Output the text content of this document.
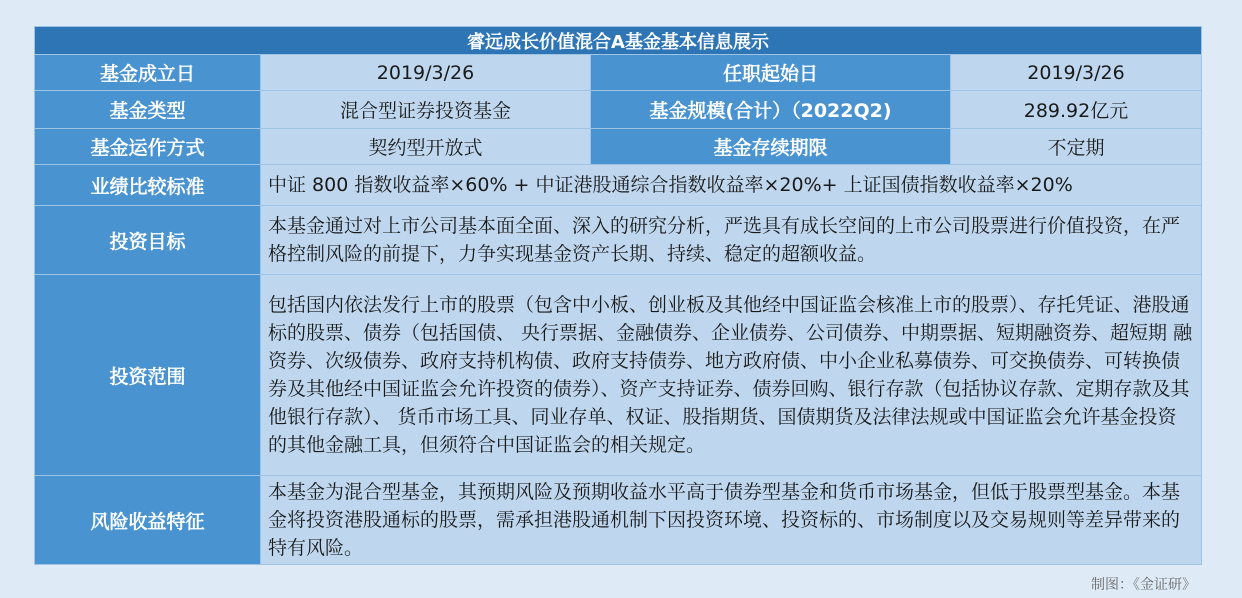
睿远成长价值混合A基金基本信息展示			
基金成立日	2019/3/26	任职起始日	2019/3/26
基金类型	混合型证券投资基金	基金规模(合计）（2022Q2)	289.92亿元
基金运作方式	契约型开放式	基金存续期限	不定期
业绩比较标准	中证 800 指数收益率×60% + 中证港股通综合指数收益率×20%+ 上证国债指数收益率×20%		
投资目标	本基金通过对上市公司基本面全面、深入的研究分析，严选具有成长空间的上市公司股票进行价值投资，在严格控制风险的前提下，力争实现基金资产长期、持续、稳定的超额收益。		
投资范围	包括国内依法发行上市的股票（包含中小板、创业板及其他经中国证监会核准上市的股票）、存托凭证、港股通标的股票、债券（包括国债、 央行票据、金融债券、企业债券、公司债券、中期票据、短期融资券、超短期 融资券、次级债券、政府支持机构债、政府支持债券、地方政府债、中小企业私募债券、可交换债券、可转换债券及其他经中国证监会允许投资的债券）、资产支持证券、债券回购、银行存款（包括协议存款、定期存款及其他银行存款）、 货币市场工具、同业存单、权证、股指期货、国债期货及法律法规或中国证监会允许基金投资的其他金融工具，但须符合中国证监会的相关规定。		
风险收益特征	本基金为混合型基金，其预期风险及预期收益水平高于债券型基金和货币市场基金，但低于股票型基金。本基金将投资港股通标的股票，需承担港股通机制下因投资环境、投资标的、市场制度以及交易规则等差异带来的特有风险。		
制图：《金证研》
